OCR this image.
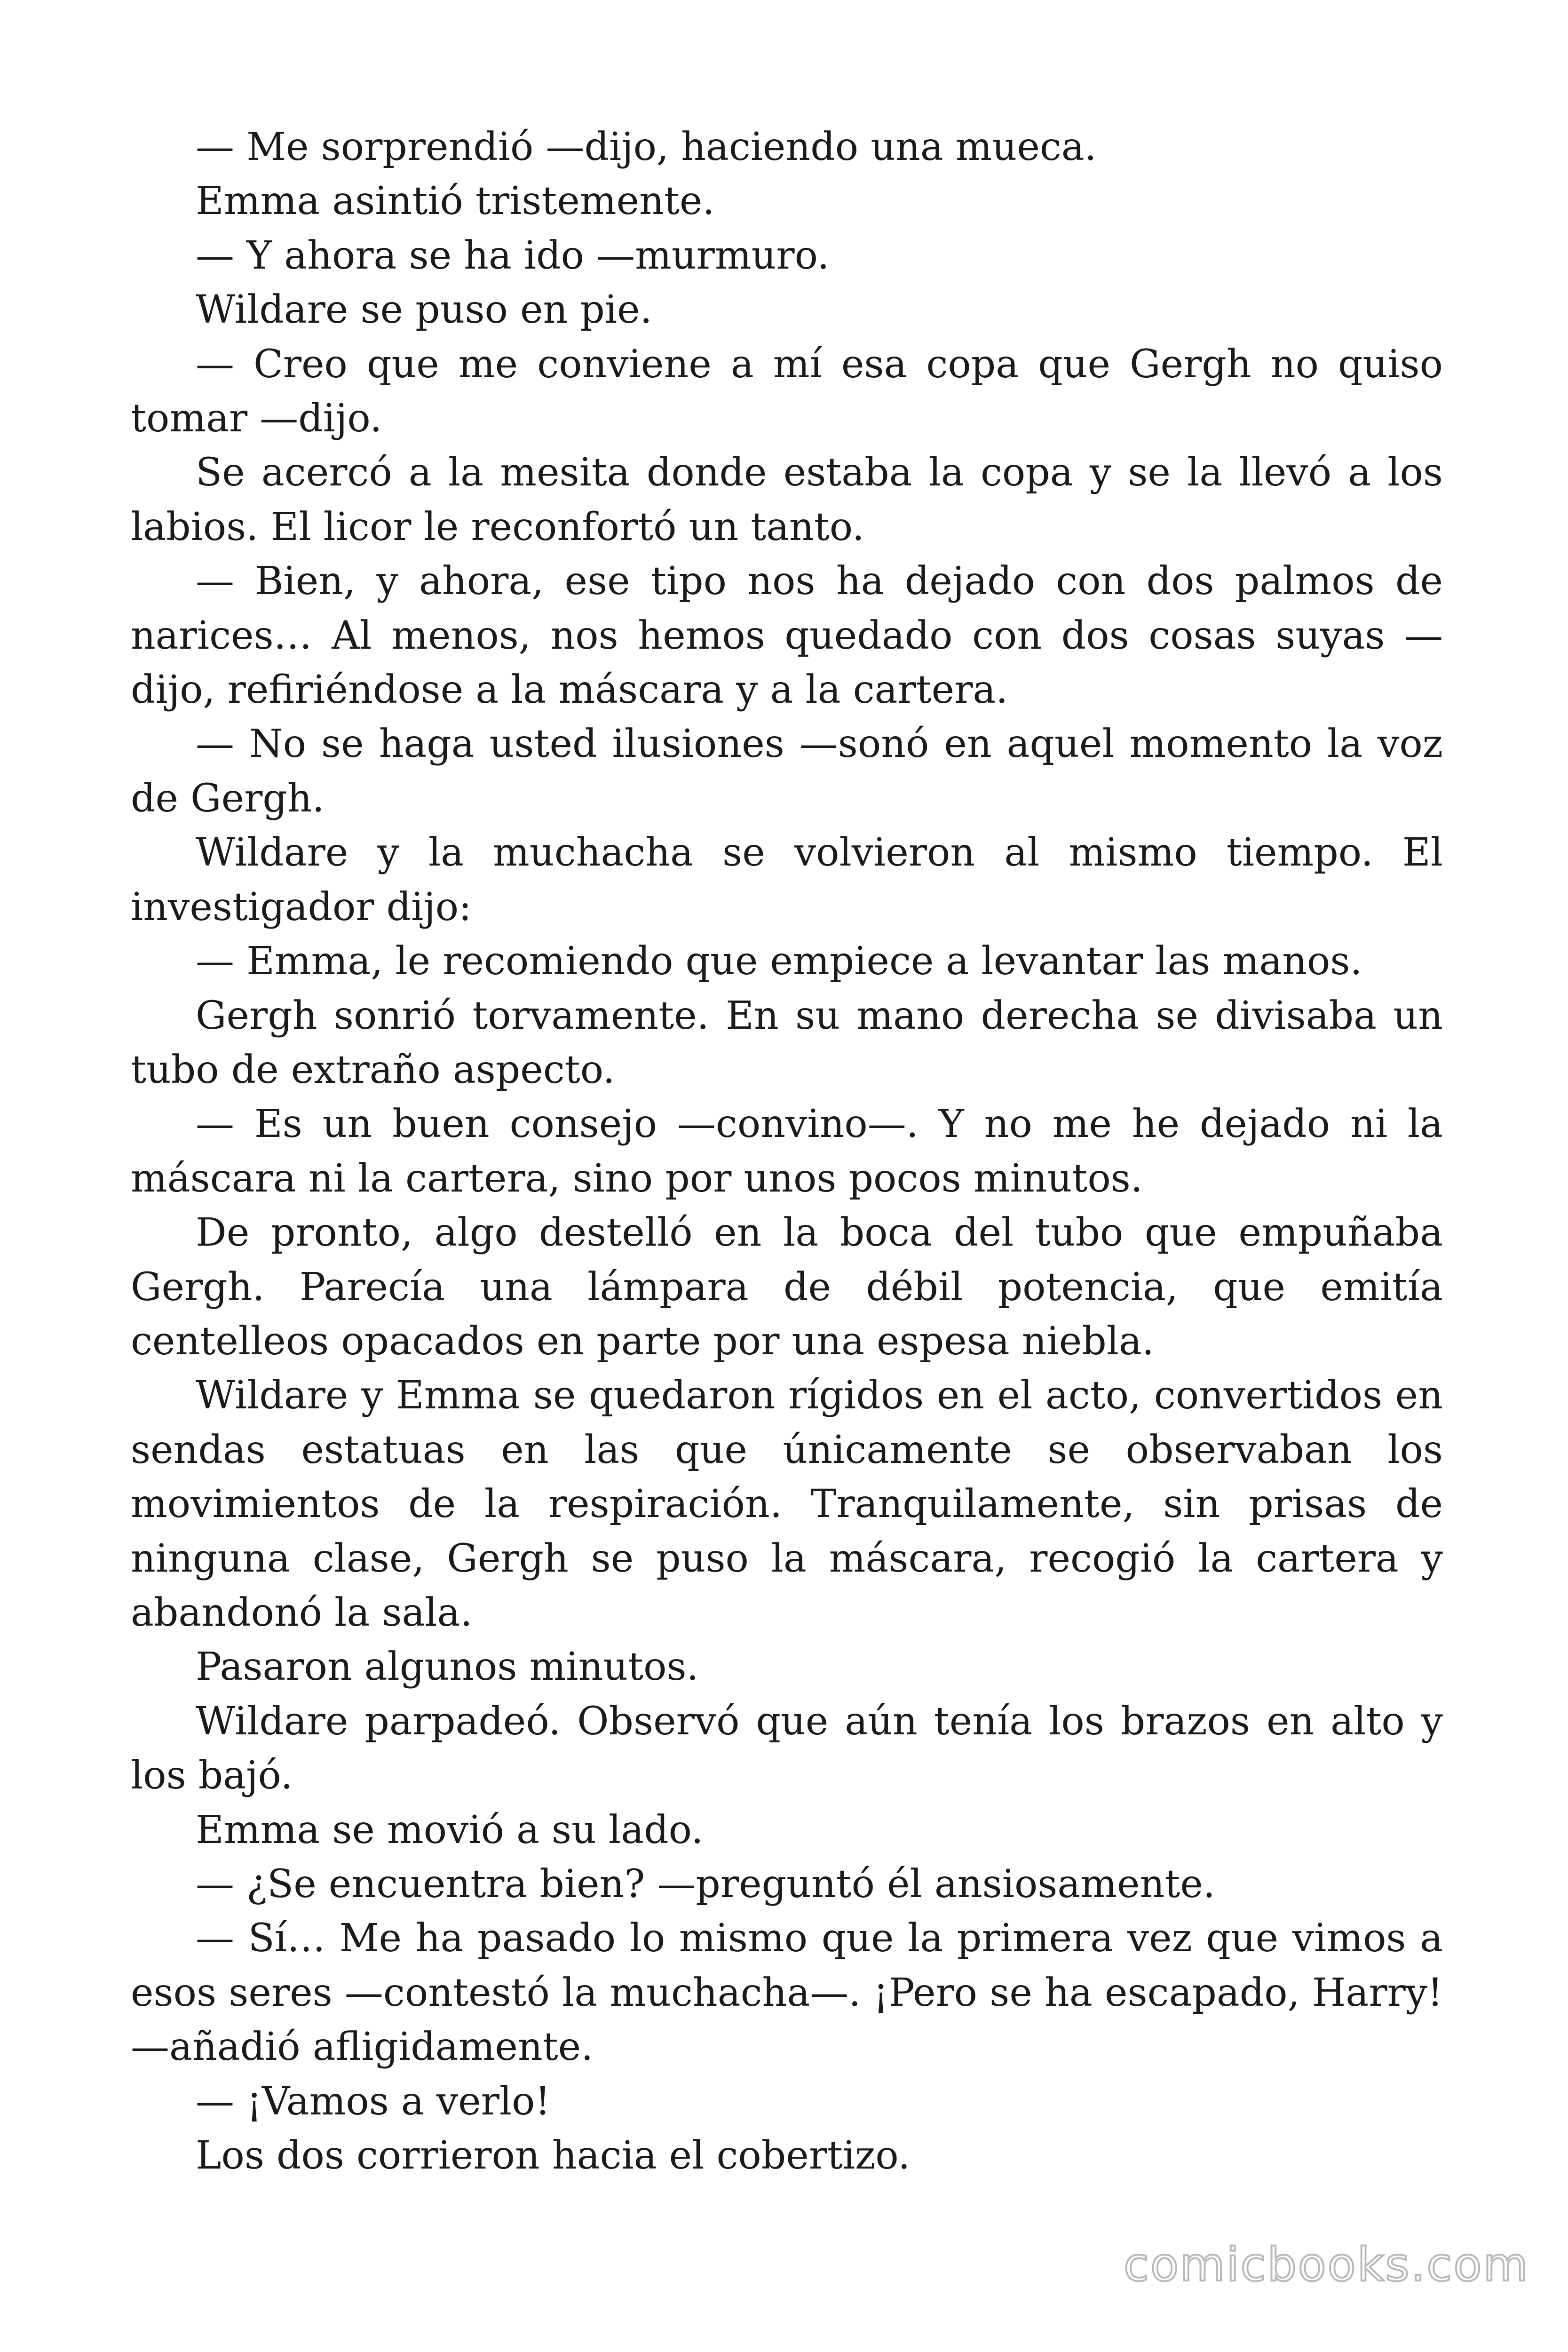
— Me sorprendió —dijo, haciendo una mueca.

Emma asintió tristemente.

— Y ahora se ha ido —murmuro.

Wildare se puso en pie.

— Creo que me conviene a mí esa copa que Gergh no quiso tomar —dijo.

Se acercó a la mesita donde estaba la copa y se la llevó a los labios. El licor le reconfortó un tanto.

— Bien, y ahora, ese tipo nos ha dejado con dos palmos de narices… Al menos, nos hemos quedado con dos cosas suyas —dijo, refiriéndose a la máscara y a la cartera.

— No se haga usted ilusiones —sonó en aquel momento la voz de Gergh.

Wildare y la muchacha se volvieron al mismo tiempo. El investigador dijo:

— Emma, le recomiendo que empiece a levantar las manos.

Gergh sonrió torvamente. En su mano derecha se divisaba un tubo de extraño aspecto.

— Es un buen consejo —convino—. Y no me he dejado ni la máscara ni la cartera, sino por unos pocos minutos.

De pronto, algo destelló en la boca del tubo que empuñaba Gergh. Parecía una lámpara de débil potencia, que emitía centelleos opacados en parte por una espesa niebla.

Wildare y Emma se quedaron rígidos en el acto, convertidos en sendas estatuas en las que únicamente se observaban los movimientos de la respiración. Tranquilamente, sin prisas de ninguna clase, Gergh se puso la máscara, recogió la cartera y abandonó la sala.

Pasaron algunos minutos.

Wildare parpadeó. Observó que aún tenía los brazos en alto y los bajó.

Emma se movió a su lado.

— ¿Se encuentra bien? —preguntó él ansiosamente.

— Sí… Me ha pasado lo mismo que la primera vez que vimos a esos seres —contestó la muchacha—. ¡Pero se ha escapado, Harry! —añadió afligidamente.

— ¡Vamos a verlo!

Los dos corrieron hacia el cobertizo.

comicbooks.com
